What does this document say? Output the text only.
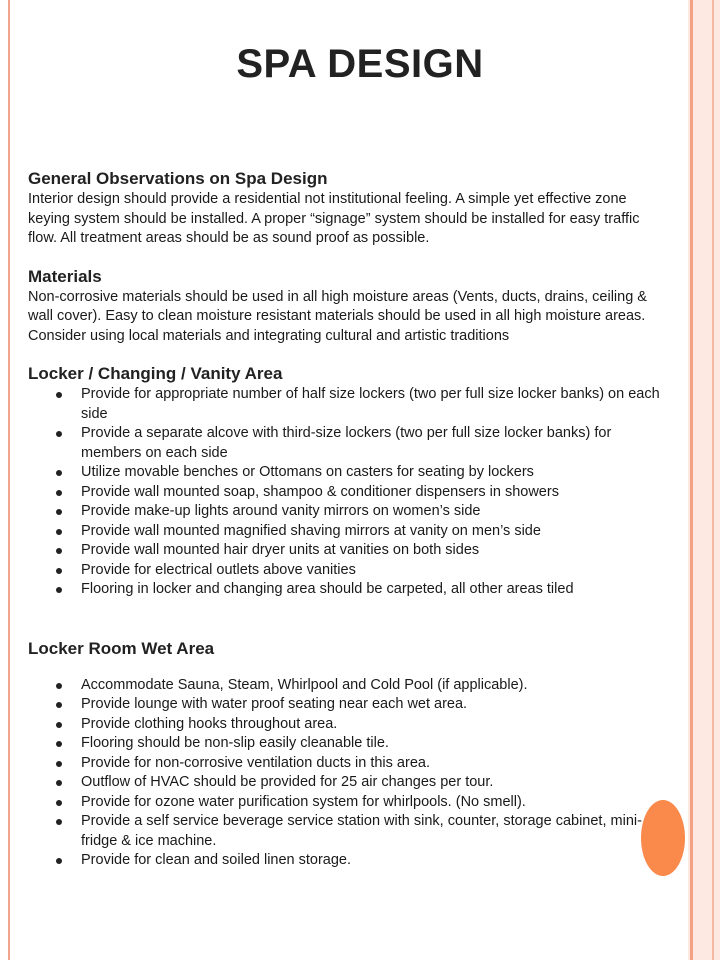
SPA DESIGN
General Observations on Spa Design

Interior design should provide a residential not institutional feeling. A simple yet effective zone keying system should be installed. A proper “signage” system should be installed for easy traffic flow. All treatment areas should be as sound proof as possible.

Materials

Non-corrosive materials should be used in all high moisture areas (Vents, ducts, drains, ceiling & wall cover). Easy to clean moisture resistant materials should be used in all high moisture areas. Consider using local materials and integrating cultural and artistic traditions

Locker / Changing / Vanity Area
Provide for appropriate number of half size lockers (two per full size locker banks) on each side
Provide a separate alcove with third-size lockers (two per full size locker banks) for members on each side
Utilize movable benches or Ottomans on casters for seating by lockers
Provide wall mounted soap, shampoo & conditioner dispensers in showers
Provide make-up lights around vanity mirrors on women’s side
Provide wall mounted magnified shaving mirrors at vanity on men’s side
Provide wall mounted hair dryer units at vanities on both sides
Provide for electrical outlets above vanities
Flooring in locker and changing area should be carpeted, all other areas tiled
Locker Room Wet Area
Accommodate Sauna, Steam, Whirlpool and Cold Pool (if applicable).
Provide lounge with water proof seating near each wet area.
Provide clothing hooks throughout area.
Flooring should be non-slip easily cleanable tile.
Provide for non-corrosive ventilation ducts in this area.
Outflow of HVAC should be provided for 25 air changes per tour.
Provide for ozone water purification system for whirlpools. (No smell).
Provide a self service beverage service station with sink, counter, storage cabinet, mini-fridge & ice machine.
Provide for clean and soiled linen storage.
